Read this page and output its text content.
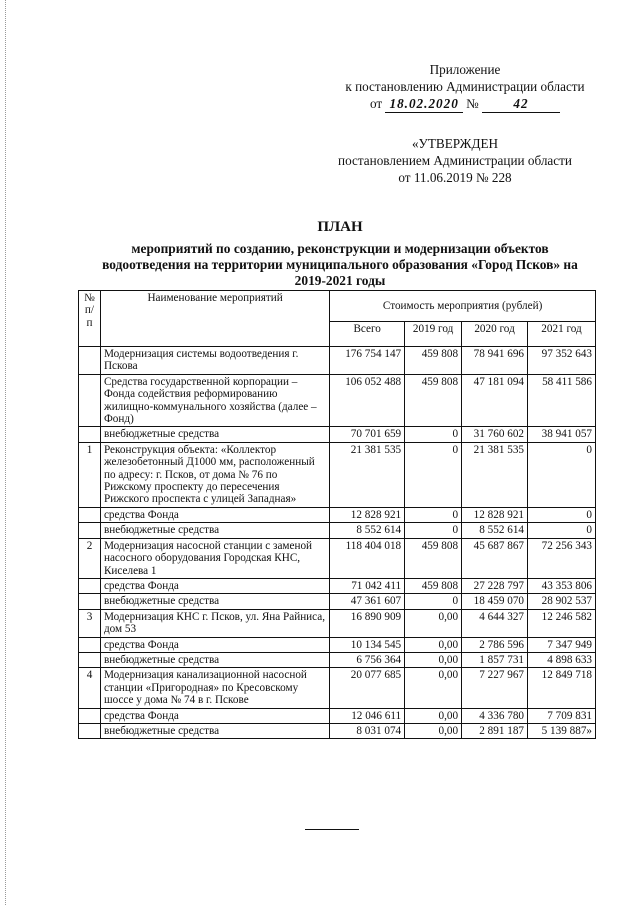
Приложение
к постановлению Администрации области
от 18.02.2020 №	42
«УТВЕРЖДЕН
постановлением Администрации области
от 11.06.2019 № 228
ПЛАН
мероприятий по созданию, реконструкции и модернизации объектов водоотведения на территории муниципального образования «Город Псков» на 2019-2021 годы
№ п/п	Наименование мероприятий	Стоимость мероприятия (рублей)			
		Всего	2019 год	2020 год	2021 год
	Модернизация системы водоотведения г. Пскова	176 754 147	459 808	78 941 696	97 352 643
	Средства государственной корпорации – Фонда содействия реформированию жилищно-коммунального хозяйства (далее – Фонд)	106 052 488	459 808	47 181 094	58 411 586
	внебюджетные средства	70 701 659	0	31 760 602	38 941 057
1	Реконструкция объекта: «Коллектор железобетонный Д1000 мм, расположенный по адресу: г. Псков, от дома № 76 по Рижскому проспекту до пересечения Рижского проспекта с улицей Западная»	21 381 535	0	21 381 535	0
	средства Фонда	12 828 921	0	12 828 921	0
	внебюджетные средства	8 552 614	0	8 552 614	0
2	Модернизация насосной станции с заменой насосного оборудования Городская КНС, Киселева 1	118 404 018	459 808	45 687 867	72 256 343
	средства Фонда	71 042 411	459 808	27 228 797	43 353 806
	внебюджетные средства	47 361 607	0	18 459 070	28 902 537
3	Модернизация КНС г. Псков, ул. Яна Райниса, дом 53	16 890 909	0,00	4 644 327	12 246 582
	средства Фонда	10 134 545	0,00	2 786 596	7 347 949
	внебюджетные средства	6 756 364	0,00	1 857 731	4 898 633
4	Модернизация канализационной насосной станции «Пригородная» по Кресовскому шоссе у дома № 74 в г. Пскове	20 077 685	0,00	7 227 967	12 849 718
	средства Фонда	12 046 611	0,00	4 336 780	7 709 831
	внебюджетные средства	8 031 074	0,00	2 891 187	5 139 887»
